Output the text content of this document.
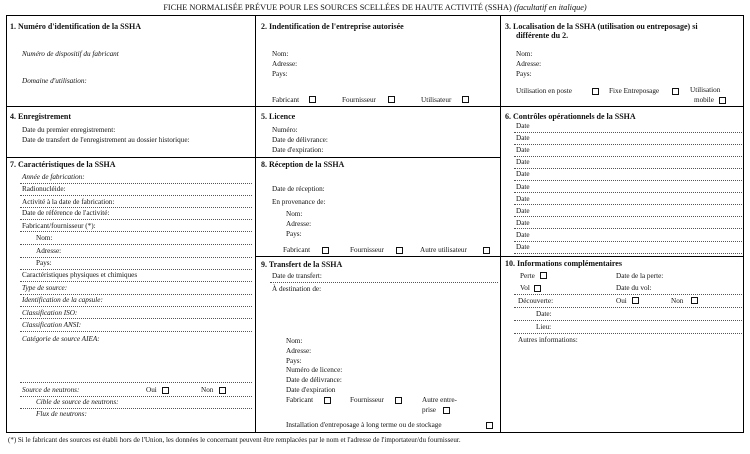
FICHE NORMALISÉE PRÉVUE POUR LES SOURCES SCELLÉES DE HAUTE ACTIVITÉ (SSHA) (facultatif en italique)
1. Numéro d'identification de la SSHA
Numéro de dispositif du fabricant
Domaine d'utilisation:
2. Indentification de l'entreprise autorisée
Nom:
Adresse:
Pays:
Fabricant	Fournisseur	Utilisateur
3. Localisation de la SSHA (utilisation ou entreposage) si
différente du 2.
Nom:
Adresse:
Pays:
Utilisation en poste	Fixe Entreposage	Utilisation
mobile
4. Enregistrement
Date du premier enregistrement:
Date de transfert de l'enregistrement au dossier historique:
5. Licence
Numéro:
Date de délivrance:
Date d'expiration:
6. Contrôles opérationnels de la SSHA
Date
Date
Date
Date
Date
Date
Date
Date
Date
Date
Date
7. Caractéristiques de la SSHA
Année de fabrication:
Radionucléide:
Activité à la date de fabrication:
Date de référence de l'activité:
Fabricant/fournisseur (*):
Nom:
Adresse:
Pays:
Caractéristiques physiques et chimiques
Type de source:
Identification de la capsule:
Classification ISO:
Classification ANSI:
Catégorie de source AIEA:
Source de neutrons:	Oui	Non
Cible de source de neutrons:
Flux de neutrons:
8. Réception de la SSHA
Date de réception:
En provenance de:
Nom:
Adresse:
Pays:
Fabricant	Fournisseur	Autre utilisateur
9. Transfert de la SSHA
Date de transfert:
À destination de:
Nom:
Adresse:
Pays:
Numéro de licence:
Date de délivrance:
Date d'expiration
Fabricant	Fournisseur	Autre entre-
prise
Installation d'entreposage à long terme ou de stockage
10. Informations complémentaires
Perte	Date de la perte:
Vol	Date du vol:
Découverte:	Oui	Non
Date:
Lieu:
Autres informations:
(*) Si le fabricant des sources est établi hors de l'Union, les données le concernant peuvent être remplacées par le nom et l'adresse de l'importateur/du fournisseur.
